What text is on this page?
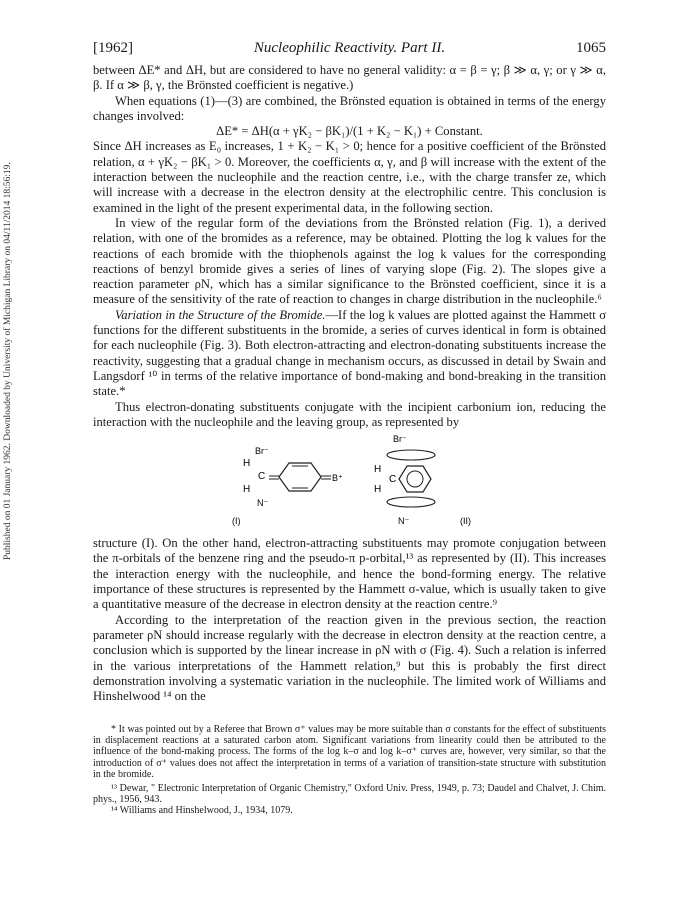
Published on 01 January 1962. Downloaded by University of Michigan Library on 04/11/2014 18:56:19.
[1962]	Nucleophilic Reactivity. Part II.	1065

between ΔE* and ΔH, but are considered to have no general validity: α = β = γ; β ≫ α, γ; or γ ≫ α, β. If α ≫ β, γ, the Brönsted coefficient is negative.)

When equations (1)—(3) are combined, the Brönsted equation is obtained in terms of the energy changes involved:

ΔE* = ΔH(α + γK₂ − βK₁)/(1 + K₂ − K₁) + Constant.

Since ΔH increases as E₀ increases, 1 + K₂ − K₁ > 0; hence for a positive coefficient of the Brönsted relation, α + γK₂ − βK₁ > 0. Moreover, the coefficients α, γ, and β will increase with the extent of the interaction between the nucleophile and the reaction centre, i.e., with the charge transfer ze, which will increase with a decrease in the electron density at the electrophilic centre. This conclusion is examined in the light of the present experimental data, in the following section.

In view of the regular form of the deviations from the Brönsted relation (Fig. 1), a derived relation, with one of the bromides as a reference, may be obtained. Plotting the log k values for the reactions of each bromide with the thiophenols against the log k values for the corresponding reactions of benzyl bromide gives a series of lines of varying slope (Fig. 2). The slopes give a reaction parameter ρN, which has a similar significance to the Brönsted coefficient, since it is a measure of the sensitivity of the rate of reaction to changes in charge distribution in the nucleophile.⁶

Variation in the Structure of the Bromide.—If the log k values are plotted against the Hammett σ functions for the different substituents in the bromide, a series of curves identical in form is obtained for each nucleophile (Fig. 3). Both electron-attracting and electron-donating substituents increase the reactivity, suggesting that a gradual change in mechanism occurs, as discussed in detail by Swain and Langsdorf ¹⁰ in terms of the relative importance of bond-making and bond-breaking in the transition state.*

Thus electron-donating substituents conjugate with the incipient carbonium ion, reducing the interaction with the nucleophile and the leaving group, as represented by

Br⁻
H
H
C	B⁺
N⁻
(I)
Br⁻
H
H
C
N⁻	(II)

structure (I). On the other hand, electron-attracting substituents may promote conjugation between the π-orbitals of the benzene ring and the pseudo-π p-orbital,¹³ as represented by (II). This increases the interaction energy with the nucleophile, and hence the bond-forming energy. The relative importance of these structures is represented by the Hammett σ-value, which is usually taken to give a quantitative measure of the decrease in electron density at the reaction centre.⁹

According to the interpretation of the reaction given in the previous section, the reaction parameter ρN should increase regularly with the decrease in electron density at the reaction centre, a conclusion which is supported by the linear increase in ρN with σ (Fig. 4). Such a relation is inferred in the various interpretations of the Hammett relation,⁹ but this is probably the first direct demonstration involving a systematic variation in the nucleophile. The limited work of Williams and Hinshelwood ¹⁴ on the

* It was pointed out by a Referee that Brown σ⁺ values may be more suitable than σ constants for the effect of substituents in displacement reactions at a saturated carbon atom. Significant variations from linearity could then be attributed to the influence of the bond-making process. The forms of the log k–σ and log k–σ⁺ curves are, however, very similar, so that the introduction of σ⁺ values does not affect the interpretation in terms of a variation of transition-state structure with substitution in the bromide.

¹³ Dewar, " Electronic Interpretation of Organic Chemistry," Oxford Univ. Press, 1949, p. 73; Daudel and Chalvet, J. Chim. phys., 1956, 943.

¹⁴ Williams and Hinshelwood, J., 1934, 1079.
